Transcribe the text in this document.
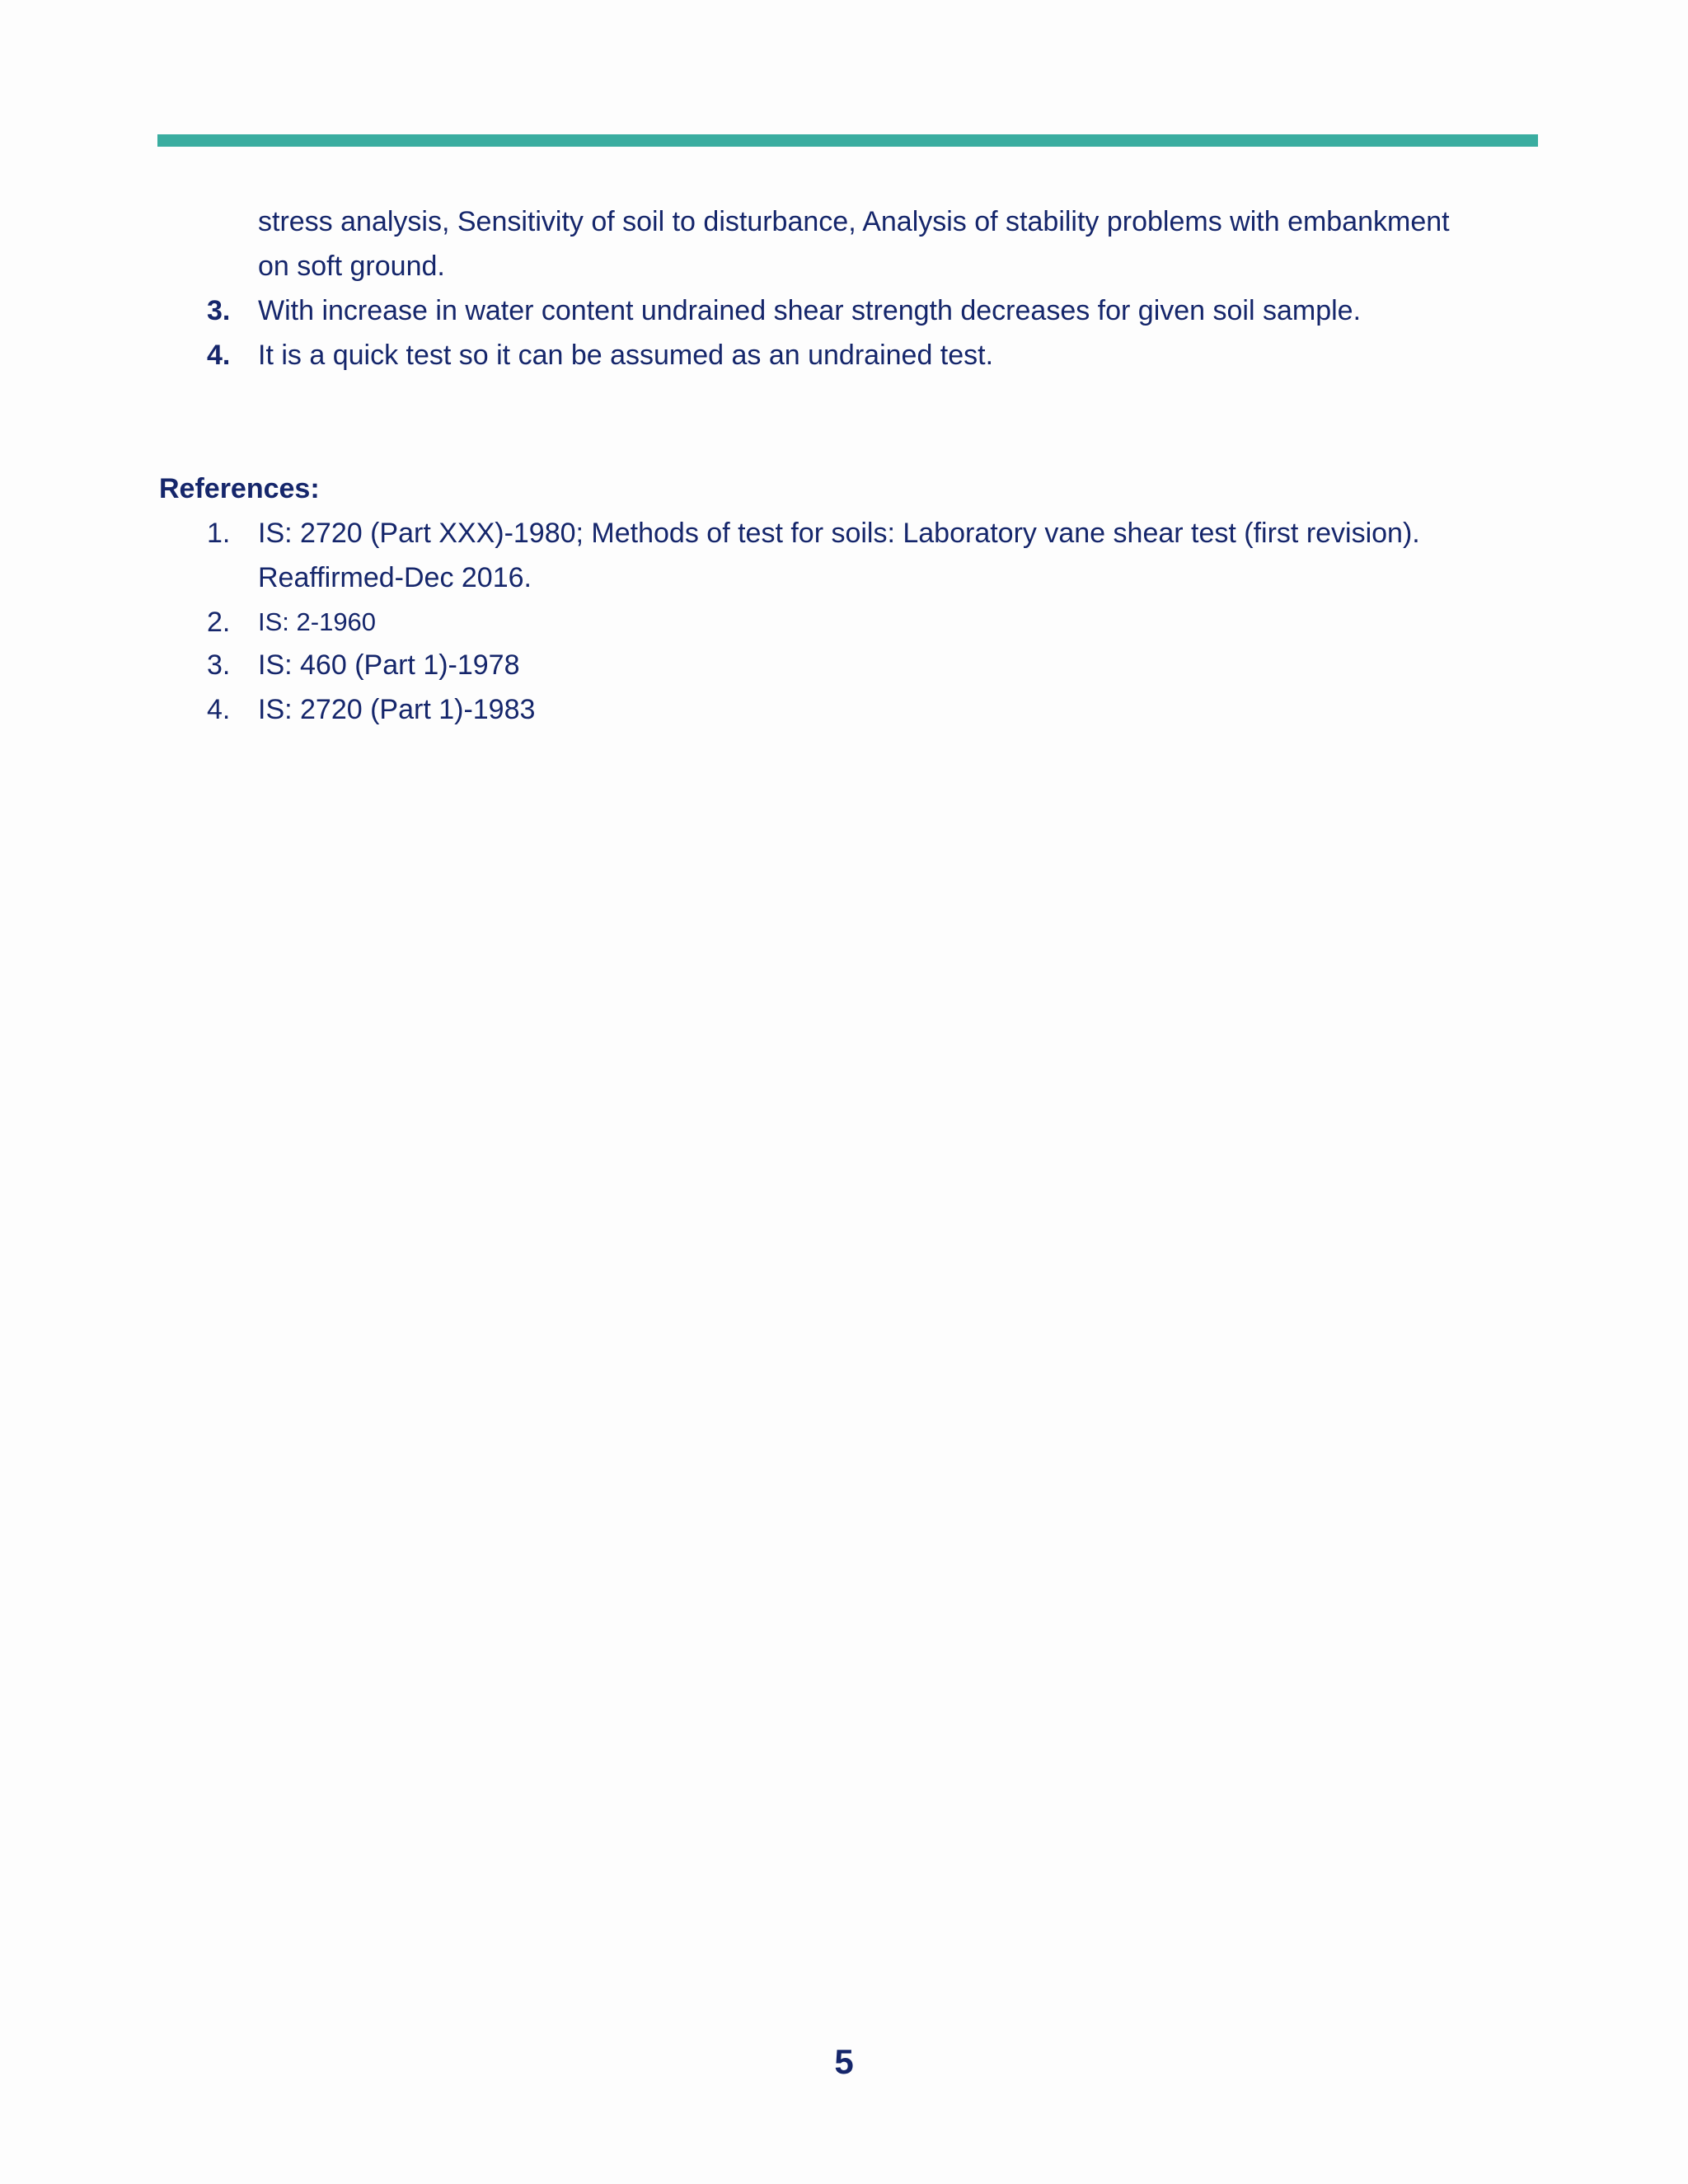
stress analysis, Sensitivity of soil to disturbance, Analysis of stability problems with embankment
on soft ground.
3. With increase in water content undrained shear strength decreases for given soil sample.
4. It is a quick test so it can be assumed as an undrained test.
References:
1. IS: 2720 (Part XXX)-1980; Methods of test for soils: Laboratory vane shear test (first revision).
Reaffirmed-Dec 2016.
2. IS: 2-1960
3. IS: 460 (Part 1)-1978
4. IS: 2720 (Part 1)-1983
5
